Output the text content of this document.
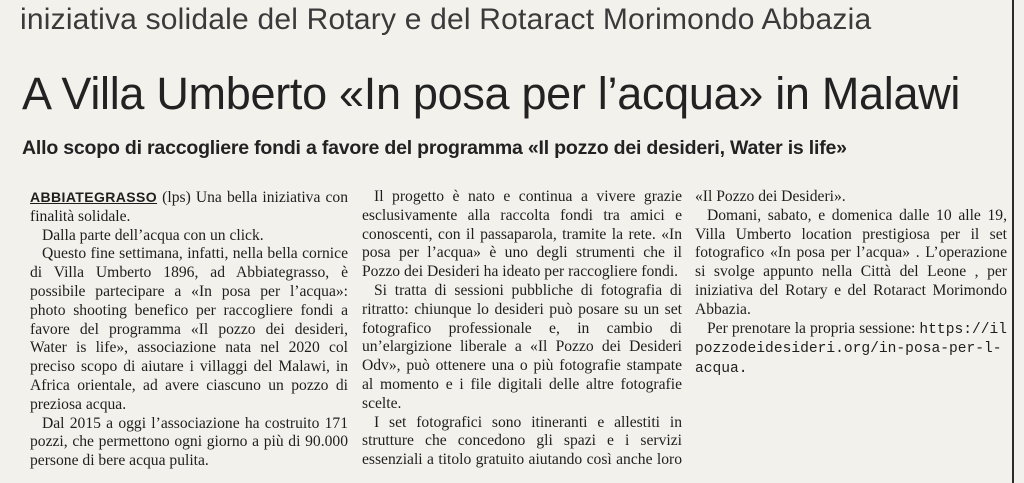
iniziativa solidale del Rotary e del Rotaract Morimondo Abbazia
A Villa Umberto «In posa per l’acqua» in Malawi
Allo scopo di raccogliere fondi a favore del programma «Il pozzo dei desideri, Water is life»

ABBIATEGRASSO (lps) Una bella iniziativa con finalità solidale.

Dalla parte dell’acqua con un click.

Questo fine settimana, infatti, nella bella cornice di Villa Umberto 1896, ad Abbiategrasso, è possibile partecipare a «In posa per l’acqua»: photo shooting benefico per raccogliere fondi a favore del programma «Il pozzo dei desideri, Water is life», associazione nata nel 2020 col preciso scopo di aiutare i villaggi del Malawi, in Africa orientale, ad avere ciascuno un pozzo di preziosa acqua.

Dal 2015 a oggi l’associazione ha costruito 171 pozzi, che permettono ogni giorno a più di 90.000 persone di bere acqua pulita.

Il progetto è nato e continua a vivere grazie esclusivamente alla raccolta fondi tra amici e conoscenti, con il passaparola, tramite la rete. «In posa per l’acqua» è uno degli strumenti che il Pozzo dei Desideri ha ideato per raccogliere fondi.

Si tratta di sessioni pubbliche di fotografia di ritratto: chiunque lo desideri può posare su un set fotografico professionale e, in cambio di un’elargizione liberale a «Il Pozzo dei Desideri Odv», può ottenere una o più fotografie stampate al momento e i file digitali delle altre fotografie scelte.

I set fotografici sono itineranti e allestiti in strutture che concedono gli spazi e i servizi essenziali a titolo gratuito aiutando così anche loro

«Il Pozzo dei Desideri».

Domani, sabato, e domenica dalle 10 alle 19, Villa Umberto location prestigiosa per il set fotografico «In posa per l’acqua» . L’operazione si svolge appunto nella Città del Leone , per iniziativa del Rotary e del Rotaract Morimondo Abbazia.

Per prenotare la propria sessione: https://ilpozzodeidesideri.org/in-posa-per-l-acqua.
